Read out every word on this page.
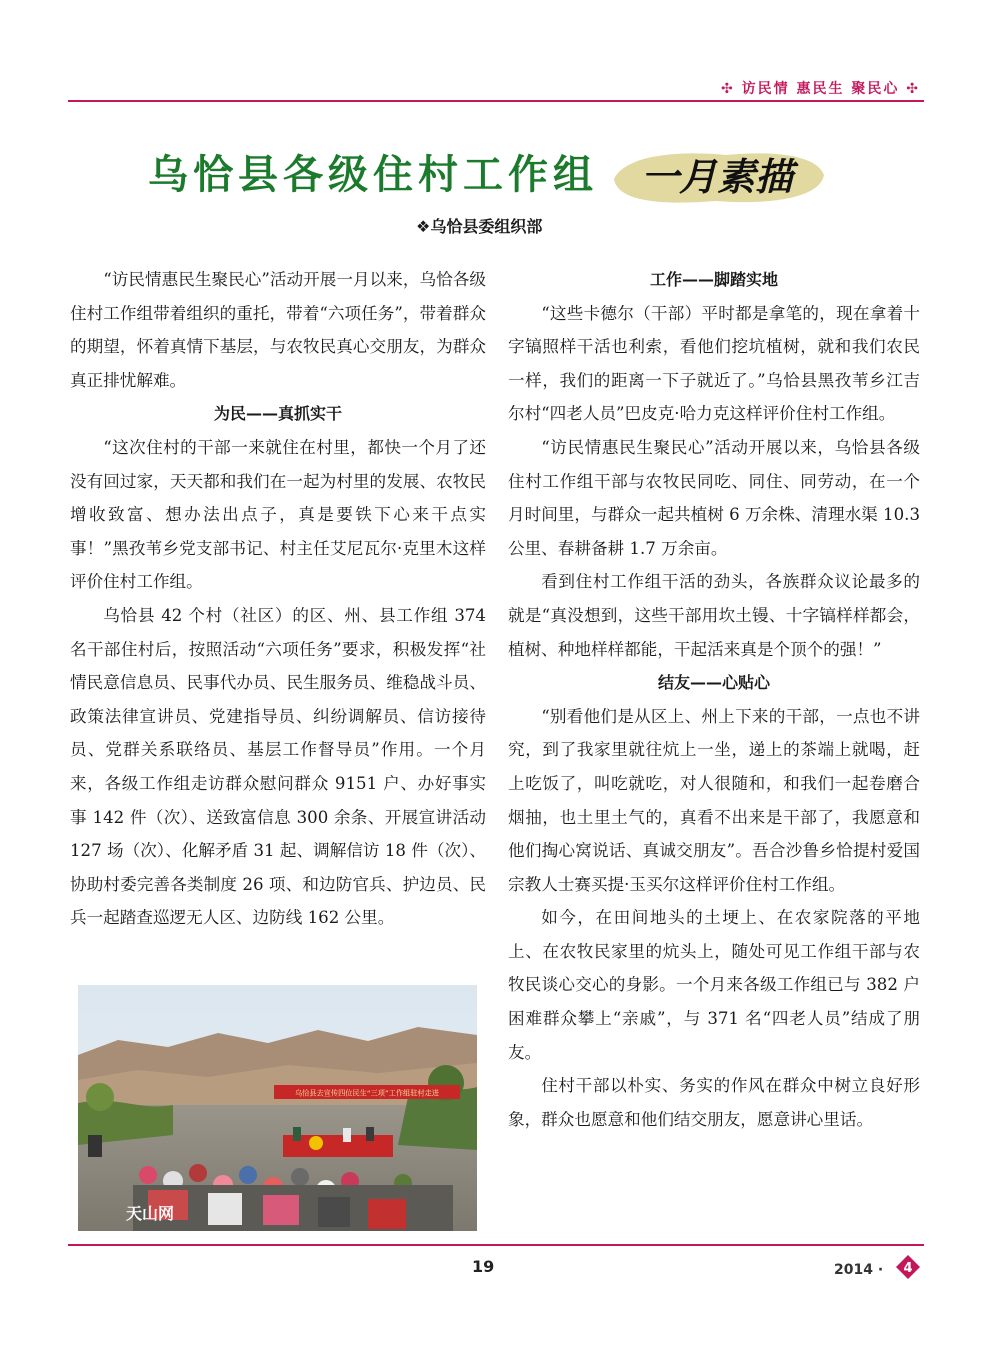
✣ 访民情 惠民生 聚民心 ✣
乌恰县各级住村工作组 一月素描
❖乌恰县委组织部

“访民情惠民生聚民心”活动开展一月以来，乌恰各级住村工作组带着组织的重托，带着“六项任务”，带着群众的期望，怀着真情下基层，与农牧民真心交朋友，为群众真正排忧解难。

为民——真抓实干

“这次住村的干部一来就住在村里，都快一个月了还没有回过家，天天都和我们在一起为村里的发展、农牧民增收致富、想办法出点子，真是要铁下心来干点实事！”黑孜苇乡党支部书记、村主任艾尼瓦尔·克里木这样评价住村工作组。

乌恰县 42 个村（社区）的区、州、县工作组 374 名干部住村后，按照活动“六项任务”要求，积极发挥“社情民意信息员、民事代办员、民生服务员、维稳战斗员、政策法律宣讲员、党建指导员、纠纷调解员、信访接待员、党群关系联络员、基层工作督导员”作用。一个月来，各级工作组走访群众慰问群众 9151 户、办好事实事 142 件（次）、送致富信息 300 余条、开展宣讲活动 127 场（次）、化解矛盾 31 起、调解信访 18 件（次）、协助村委完善各类制度 26 项、和边防官兵、护边员、民兵一起踏查巡逻无人区、边防线 162 公里。

乌恰县去宣传四位民生“三项”工作组驻村走进
天山网
工作——脚踏实地

“这些卡德尔（干部）平时都是拿笔的，现在拿着十字镐照样干活也利索，看他们挖坑植树，就和我们农民一样，我们的距离一下子就近了。”乌恰县黑孜苇乡江吉尔村“四老人员”巴皮克·哈力克这样评价住村工作组。

“访民情惠民生聚民心”活动开展以来，乌恰县各级住村工作组干部与农牧民同吃、同住、同劳动，在一个月时间里，与群众一起共植树 6 万余株、清理水渠 10.3 公里、春耕备耕 1.7 万余亩。

看到住村工作组干活的劲头，各族群众议论最多的就是“真没想到，这些干部用坎土镘、十字镐样样都会，植树、种地样样都能，干起活来真是个顶个的强！”

结友——心贴心

“别看他们是从区上、州上下来的干部，一点也不讲究，到了我家里就往炕上一坐，递上的茶端上就喝，赶上吃饭了，叫吃就吃，对人很随和，和我们一起卷磨合烟抽，也土里土气的，真看不出来是干部了，我愿意和他们掏心窝说话、真诚交朋友”。吾合沙鲁乡恰提村爱国宗教人士赛买提·玉买尔这样评价住村工作组。

如今，在田间地头的土埂上、在农家院落的平地上、在农牧民家里的炕头上，随处可见工作组干部与农牧民谈心交心的身影。一个月来各级工作组已与 382 户困难群众攀上“亲戚”，与 371 名“四老人员”结成了朋友。

住村干部以朴实、务实的作风在群众中树立良好形象，群众也愿意和他们结交朋友，愿意讲心里话。

19	2014 · 4
